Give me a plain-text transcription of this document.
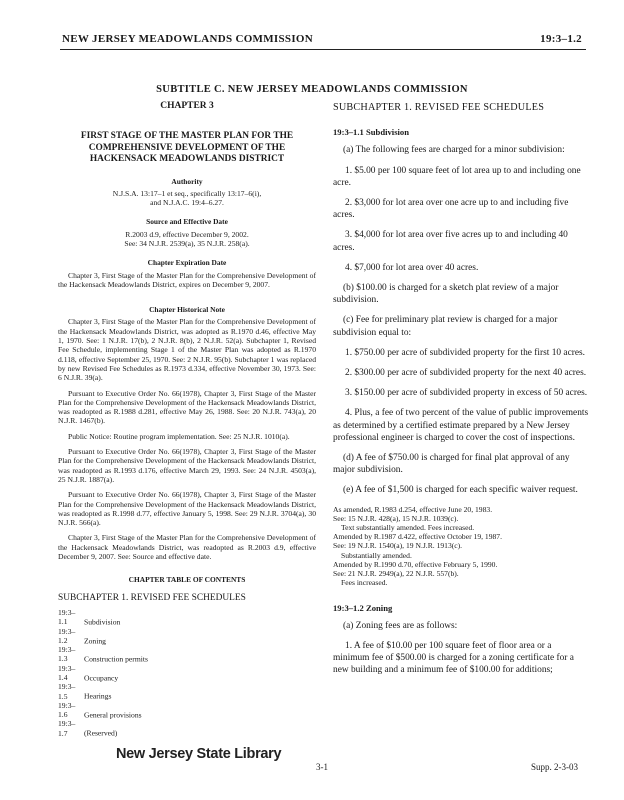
NEW JERSEY MEADOWLANDS COMMISSION	19:3–1.2
SUBTITLE C. NEW JERSEY MEADOWLANDS COMMISSION
CHAPTER 3
FIRST STAGE OF THE MASTER PLAN FOR THE
COMPREHENSIVE DEVELOPMENT OF THE
HACKENSACK MEADOWLANDS DISTRICT
Authority
N.J.S.A. 13:17–1 et seq., specifically 13:17–6(i),
and N.J.A.C. 19:4–6.27.
Source and Effective Date
R.2003 d.9, effective December 9, 2002.
See: 34 N.J.R. 2539(a), 35 N.J.R. 258(a).
Chapter Expiration Date

Chapter 3, First Stage of the Master Plan for the Comprehensive Development of the Hackensack Meadowlands District, expires on December 9, 2007.

Chapter Historical Note

Chapter 3, First Stage of the Master Plan for the Comprehensive Development of the Hackensack Meadowlands District, was adopted as R.1970 d.46, effective May 1, 1970. See: 1 N.J.R. 17(b), 2 N.J.R. 8(b), 2 N.J.R. 52(a). Subchapter 1, Revised Fee Schedule, implementing Stage 1 of the Master Plan was adopted as R.1970 d.118, effective September 25, 1970. See: 2 N.J.R. 95(b). Subchapter 1 was replaced by new Revised Fee Schedules as R.1973 d.334, effective November 30, 1973. See: 6 N.J.R. 39(a).

Pursuant to Executive Order No. 66(1978), Chapter 3, First Stage of the Master Plan for the Comprehensive Development of the Hackensack Meadowlands District, was readopted as R.1988 d.281, effective May 26, 1988. See: 20 N.J.R. 743(a), 20 N.J.R. 1467(b).

Public Notice: Routine program implementation. See: 25 N.J.R. 1010(a).

Pursuant to Executive Order No. 66(1978), Chapter 3, First Stage of the Master Plan for the Comprehensive Development of the Hackensack Meadowlands District, was readopted as R.1993 d.176, effective March 29, 1993. See: 24 N.J.R. 4503(a), 25 N.J.R. 1887(a).

Pursuant to Executive Order No. 66(1978), Chapter 3, First Stage of the Master Plan for the Comprehensive Development of the Hackensack Meadowlands District, was readopted as R.1998 d.77, effective January 5, 1998. See: 29 N.J.R. 3704(a), 30 N.J.R. 566(a).

Chapter 3, First Stage of the Master Plan for the Comprehensive Development of the Hackensack Meadowlands District, was readopted as R.2003 d.9, effective December 9, 2007. See: Source and effective date.

CHAPTER TABLE OF CONTENTS
SUBCHAPTER 1. REVISED FEE SCHEDULES
19:3–1.1 Subdivision
19:3–1.2 Zoning
19:3–1.3 Construction permits
19:3–1.4 Occupancy
19:3–1.5 Hearings
19:3–1.6 General provisions
19:3–1.7 (Reserved)
SUBCHAPTER 1. REVISED FEE SCHEDULES
19:3–1.1 Subdivision

(a) The following fees are charged for a minor subdivision:

1. $5.00 per 100 square feet of lot area up to and including one acre.

2. $3,000 for lot area over one acre up to and including five acres.

3. $4,000 for lot area over five acres up to and including 40 acres.

4. $7,000 for lot area over 40 acres.

(b) $100.00 is charged for a sketch plat review of a major subdivision.

(c) Fee for preliminary plat review is charged for a major subdivision equal to:

1. $750.00 per acre of subdivided property for the first 10 acres.

2. $300.00 per acre of subdivided property for the next 40 acres.

3. $150.00 per acre of subdivided property in excess of 50 acres.

4. Plus, a fee of two percent of the value of public improvements as determined by a certified estimate prepared by a New Jersey professional engineer is charged to cover the cost of inspections.

(d) A fee of $750.00 is charged for final plat approval of any major subdivision.

(e) A fee of $1,500 is charged for each specific waiver request.

As amended, R.1983 d.254, effective June 20, 1983.
See: 15 N.J.R. 428(a), 15 N.J.R. 1039(c).
Text substantially amended. Fees increased.
Amended by R.1987 d.422, effective October 19, 1987.
See: 19 N.J.R. 1540(a), 19 N.J.R. 1913(c).
Substantially amended.
Amended by R.1990 d.70, effective February 5, 1990.
See: 21 N.J.R. 2949(a), 22 N.J.R. 557(b).
Fees increased.
19:3–1.2 Zoning

(a) Zoning fees are as follows:

1. A fee of $10.00 per 100 square feet of floor area or a minimum fee of $500.00 is charged for a zoning certificate for a new building and a minimum fee of $100.00 for additions;

New Jersey State Library
3-1	Supp. 2-3-03
